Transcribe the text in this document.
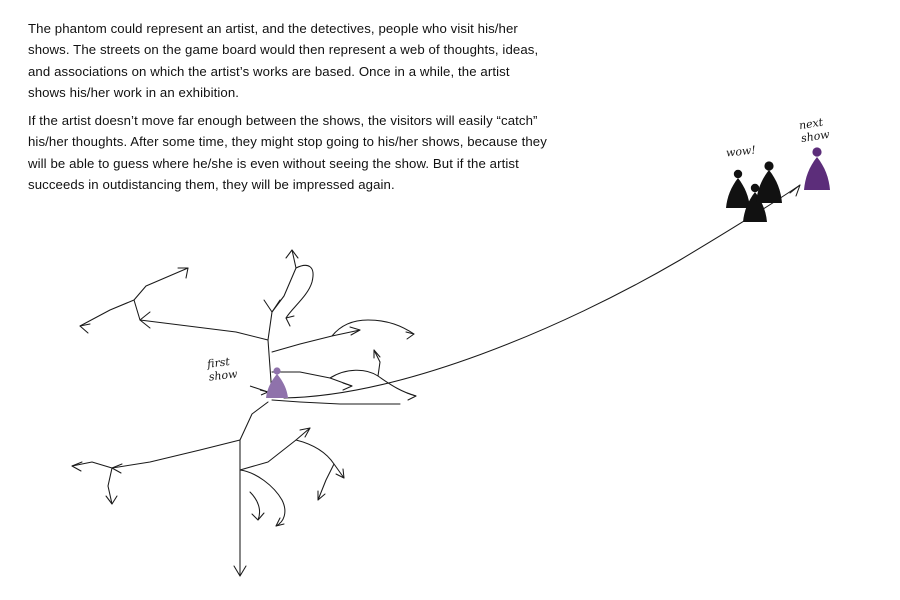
The phantom could represent an artist, and the detectives, people who visit his/her shows. The streets on the game board would then represent a web of thoughts, ideas, and associations on which the artist’s works are based. Once in a while, the artist shows his/her work in an exhibition.

If the artist doesn’t move far enough between the shows, the visitors will easily “catch” his/her thoughts. After some time, they might stop going to his/her shows, because they will be able to guess where he/she is even without seeing the show. But if the artist succeeds in outdistancing them, they will be impressed again.

first
show
next
show
wow!
